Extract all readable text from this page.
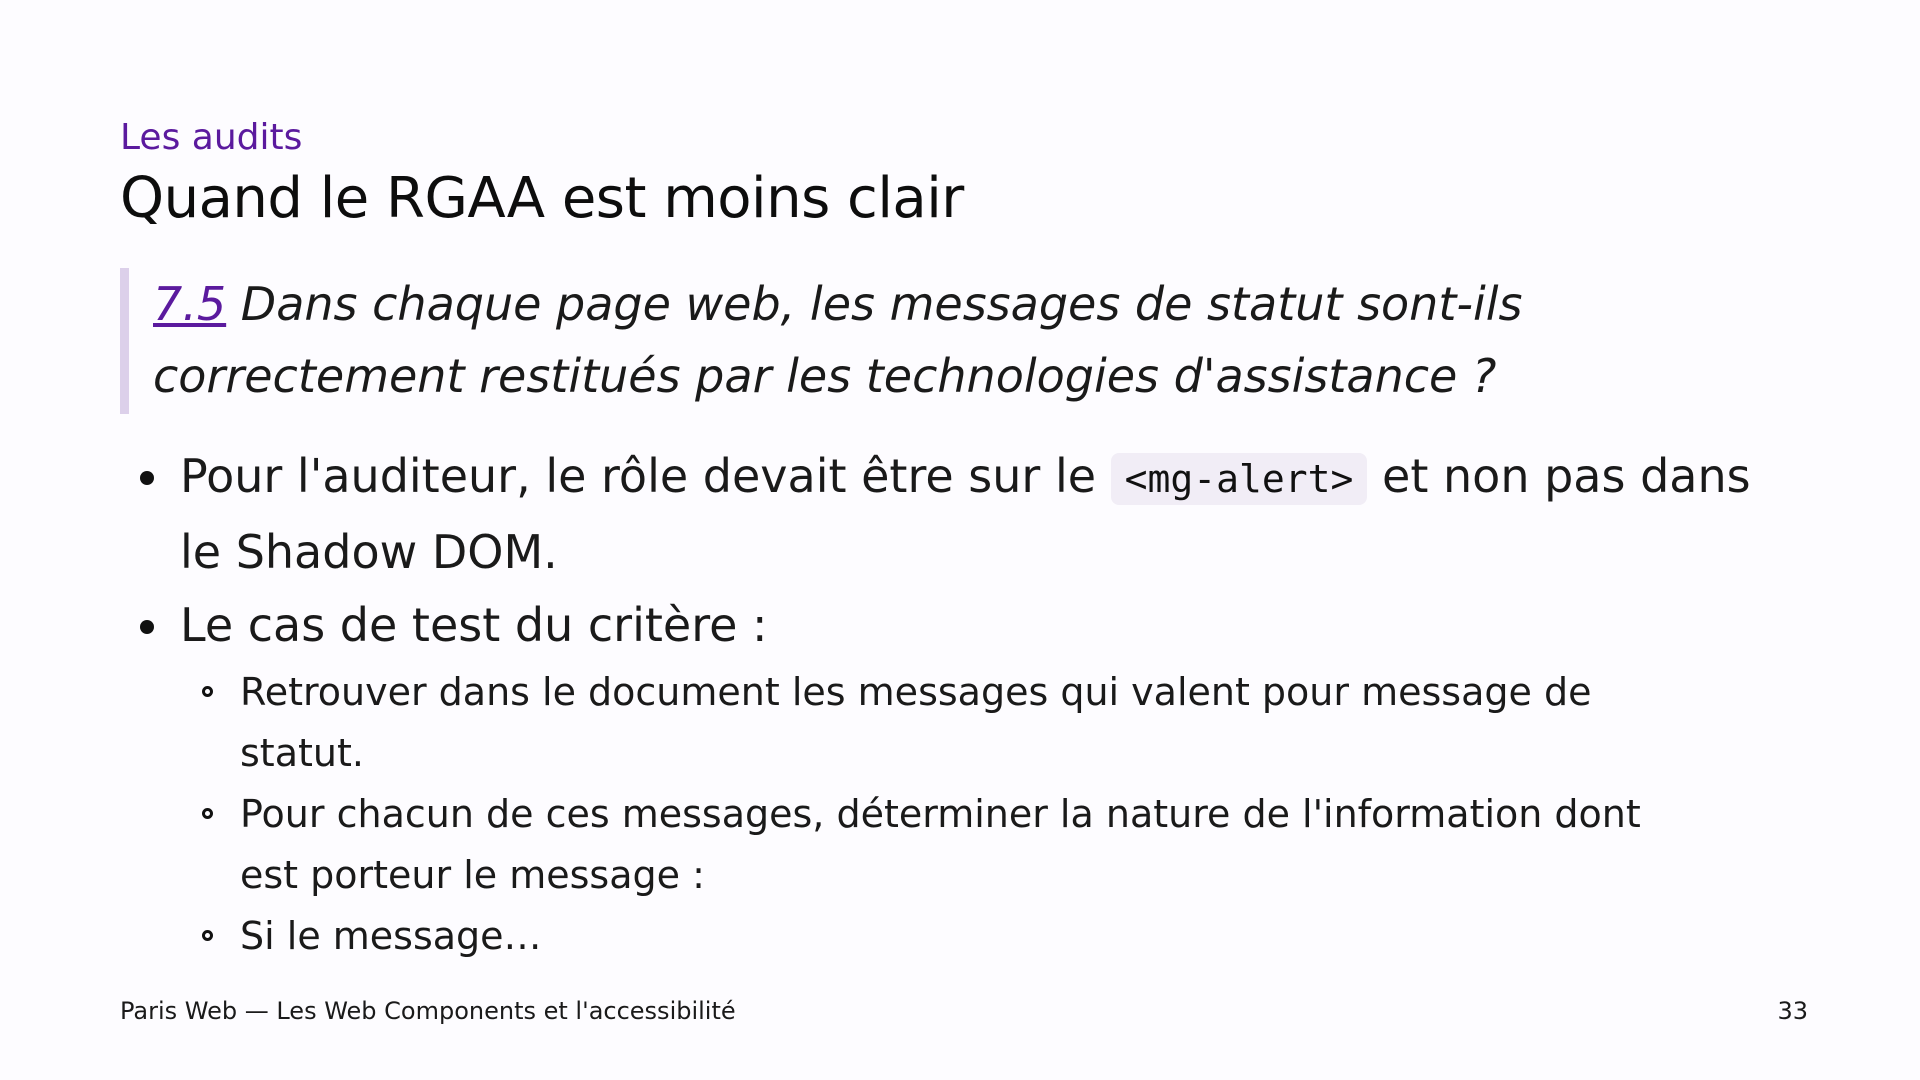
Les audits
Quand le RGAA est moins clair
7.5 Dans chaque page web, les messages de statut sont-ils
correctement restitués par les technologies d'assistance ?
Pour l'auditeur, le rôle devait être sur le <mg-alert> et non pas dans
le Shadow DOM.
Le cas de test du critère :
Retrouver dans le document les messages qui valent pour message de
statut.
Pour chacun de ces messages, déterminer la nature de l'information dont
est porteur le message :
Si le message…
Paris Web — Les Web Components et l'accessibilité	33
